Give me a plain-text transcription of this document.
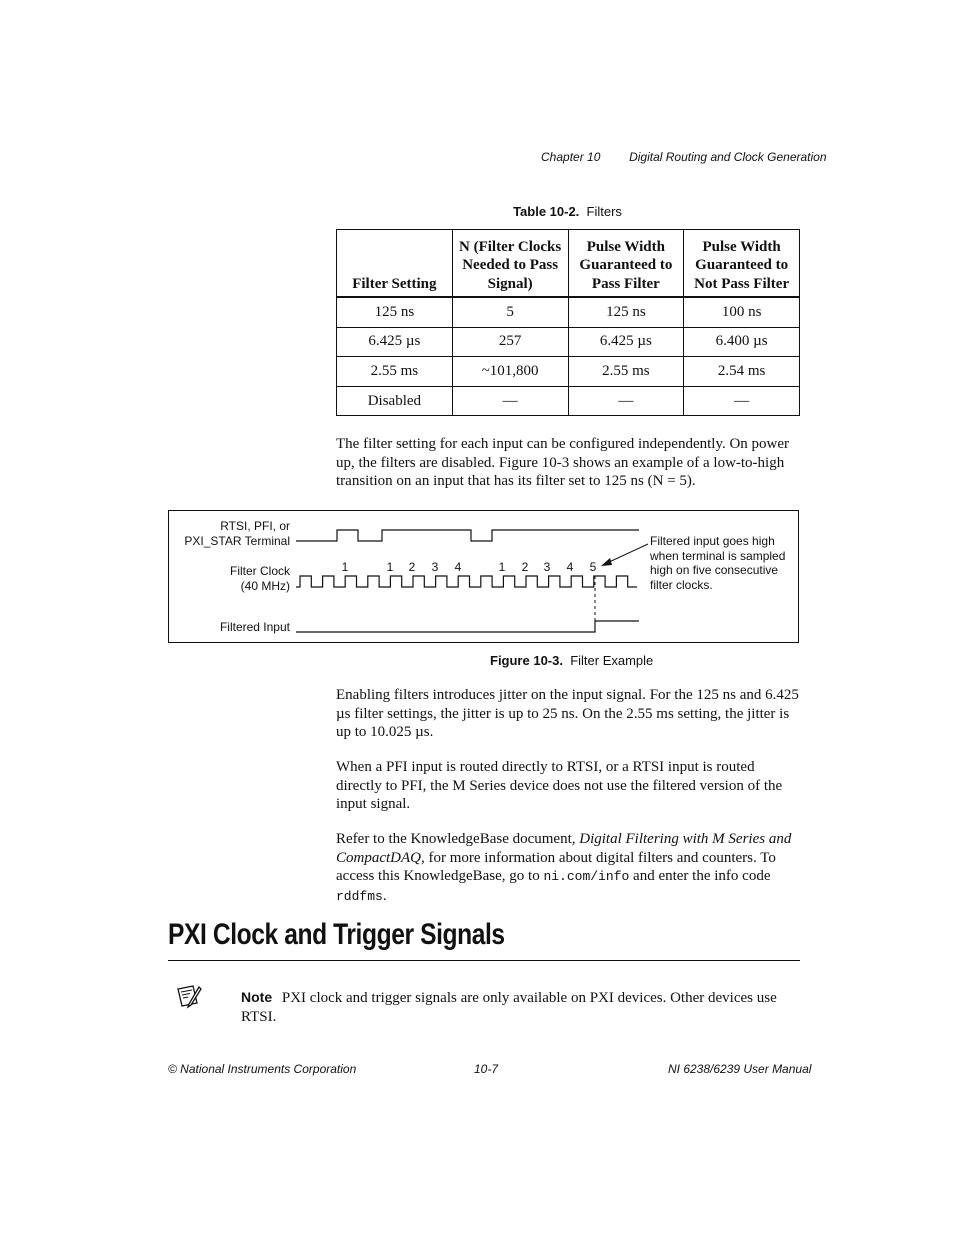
Chapter 10 Digital Routing and Clock Generation
Table 10-2. Filters
Filter Setting	N (Filter Clocks Needed to Pass Signal)	Pulse Width Guaranteed to Pass Filter	Pulse Width Guaranteed to Not Pass Filter
125 ns	5	125 ns	100 ns
6.425 µs	257	6.425 µs	6.400 µs
2.55 ms	~101,800	2.55 ms	2.54 ms
Disabled	—	—	—
The filter setting for each input can be configured independently. On power up, the filters are disabled. Figure 10-3 shows an example of a low-to-high transition on an input that has its filter set to 125 ns (N = 5).
RTSI, PFI, or
PXI_STAR Terminal
Filter Clock
(40 MHz)
Filtered Input
Filtered input goes high
when terminal is sampled
high on five consecutive
filter clocks.
1	1 2 3 4	1 2 3 4 5
Figure 10-3. Filter Example
Enabling filters introduces jitter on the input signal. For the 125 ns and 6.425 µs filter settings, the jitter is up to 25 ns. On the 2.55 ms setting, the jitter is up to 10.025 µs.
When a PFI input is routed directly to RTSI, or a RTSI input is routed directly to PFI, the M Series device does not use the filtered version of the input signal.
Refer to the KnowledgeBase document, Digital Filtering with M Series and CompactDAQ, for more information about digital filters and counters. To access this KnowledgeBase, go to ni.com/info and enter the info code rddfms.
PXI Clock and Trigger Signals
Note PXI clock and trigger signals are only available on PXI devices. Other devices use RTSI.
© National Instruments Corporation	10-7	NI 6238/6239 User Manual
